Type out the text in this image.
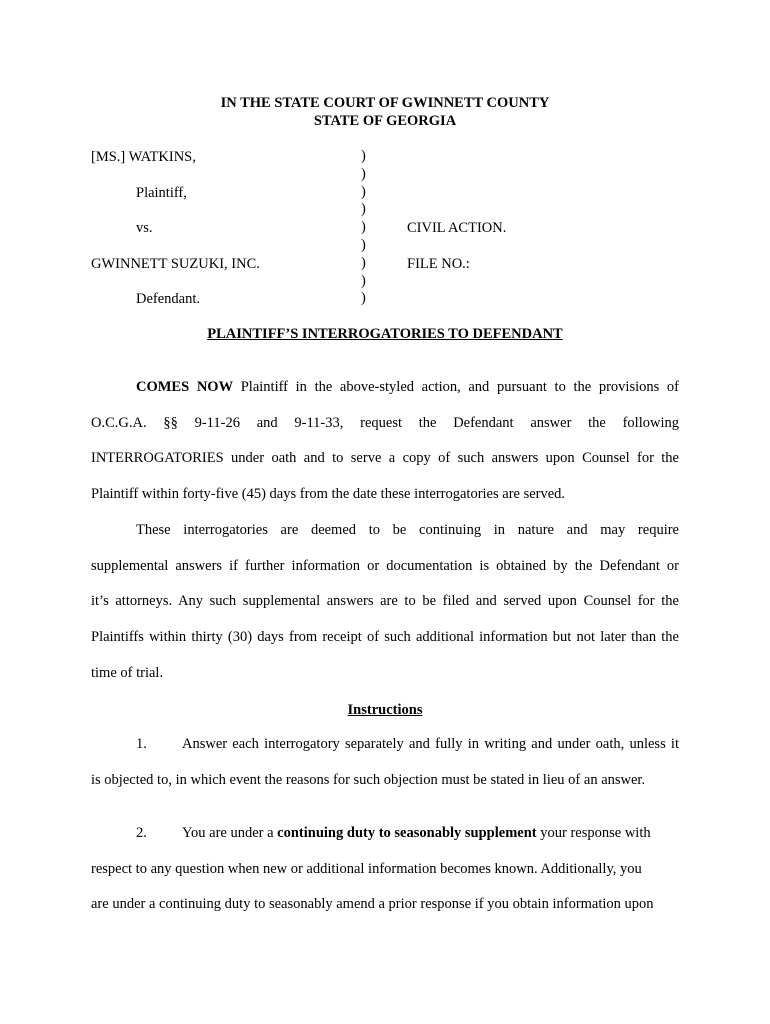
IN THE STATE COURT OF GWINNETT COUNTY
STATE OF GEORGIA
[MS.] WATKINS,
Plaintiff,
vs.
GWINNETT SUZUKI, INC.
Defendant.
)
)
)
)
)
)
)
)
)
CIVIL ACTION.
FILE NO.:
PLAINTIFF’S INTERROGATORIES TO DEFENDANT
COMES NOW Plaintiff in the above-styled action, and pursuant to the provisions of
O.C.G.A. §§ 9-11-26 and 9-11-33, request the Defendant answer the following
INTERROGATORIES under oath and to serve a copy of such answers upon Counsel for the
Plaintiff within forty-five (45) days from the date these interrogatories are served.
These interrogatories are deemed to be continuing in nature and may require
supplemental answers if further information or documentation is obtained by the Defendant or
it’s attorneys. Any such supplemental answers are to be filed and served upon Counsel for the
Plaintiffs within thirty (30) days from receipt of such additional information but not later than the
time of trial.
Instructions
1. Answer each interrogatory separately and fully in writing and under oath, unless it
is objected to, in which event the reasons for such objection must be stated in lieu of an answer.
2. You are under a continuing duty to seasonably supplement your response with
respect to any question when new or additional information becomes known. Additionally, you
are under a continuing duty to seasonably amend a prior response if you obtain information upon
